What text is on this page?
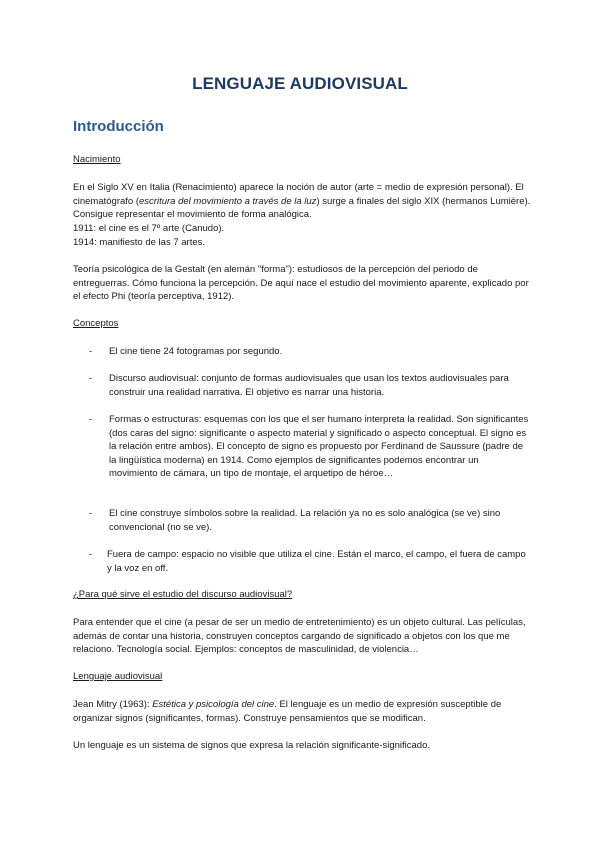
LENGUAJE AUDIOVISUAL
Introducción
Nacimiento
En el Siglo XV en Italia (Renacimiento) aparece la noción de autor (arte = medio de expresión personal). El cinematógrafo (escritura del movimiento a través de la luz) surge a finales del siglo XIX (hermanos Lumière). Consigue representar el movimiento de forma analógica.
1911: el cine es el 7º arte (Canudo).
1914: manifiesto de las 7 artes.
Teoría psicológica de la Gestalt (en alemán "forma"): estudiosos de la percepción del periodo de entreguerras. Cómo funciona la percepción. De aquí nace el estudio del movimiento aparente, explicado por el efecto Phi (teoría perceptiva, 1912).
Conceptos
- El cine tiene 24 fotogramas por segundo.
- Discurso audiovisual: conjunto de formas audiovisuales que usan los textos audiovisuales para construir una realidad narrativa. El objetivo es narrar una historia.
- Formas o estructuras: esquemas con los que el ser humano interpreta la realidad. Son significantes (dos caras del signo: significante o aspecto material y significado o aspecto conceptual. El signo es la relación entre ambos). El concepto de signo es propuesto por Ferdinand de Saussure (padre de la lingüística moderna) en 1914. Como ejemplos de significantes podemos encontrar un movimiento de cámara, un tipo de montaje, el arquetipo de héroe…
- El cine construye símbolos sobre la realidad. La relación ya no es solo analógica (se ve) sino convencional (no se ve).
- Fuera de campo: espacio no visible que utiliza el cine. Están el marco, el campo, el fuera de campo y la voz en off.
¿Para qué sirve el estudio del discurso audiovisual?
Para entender que el cine (a pesar de ser un medio de entretenimiento) es un objeto cultural. Las películas, además de contar una historia, construyen conceptos cargando de significado a objetos con los que me relaciono. Tecnología social. Ejemplos: conceptos de masculinidad, de violencia…
Lenguaje audiovisual
Jean Mitry (1963): Estética y psicología del cine. El lenguaje es un medio de expresión susceptible de organizar signos (significantes, formas). Construye pensamientos que se modifican.
Un lenguaje es un sistema de signos que expresa la relación significante-significado.
